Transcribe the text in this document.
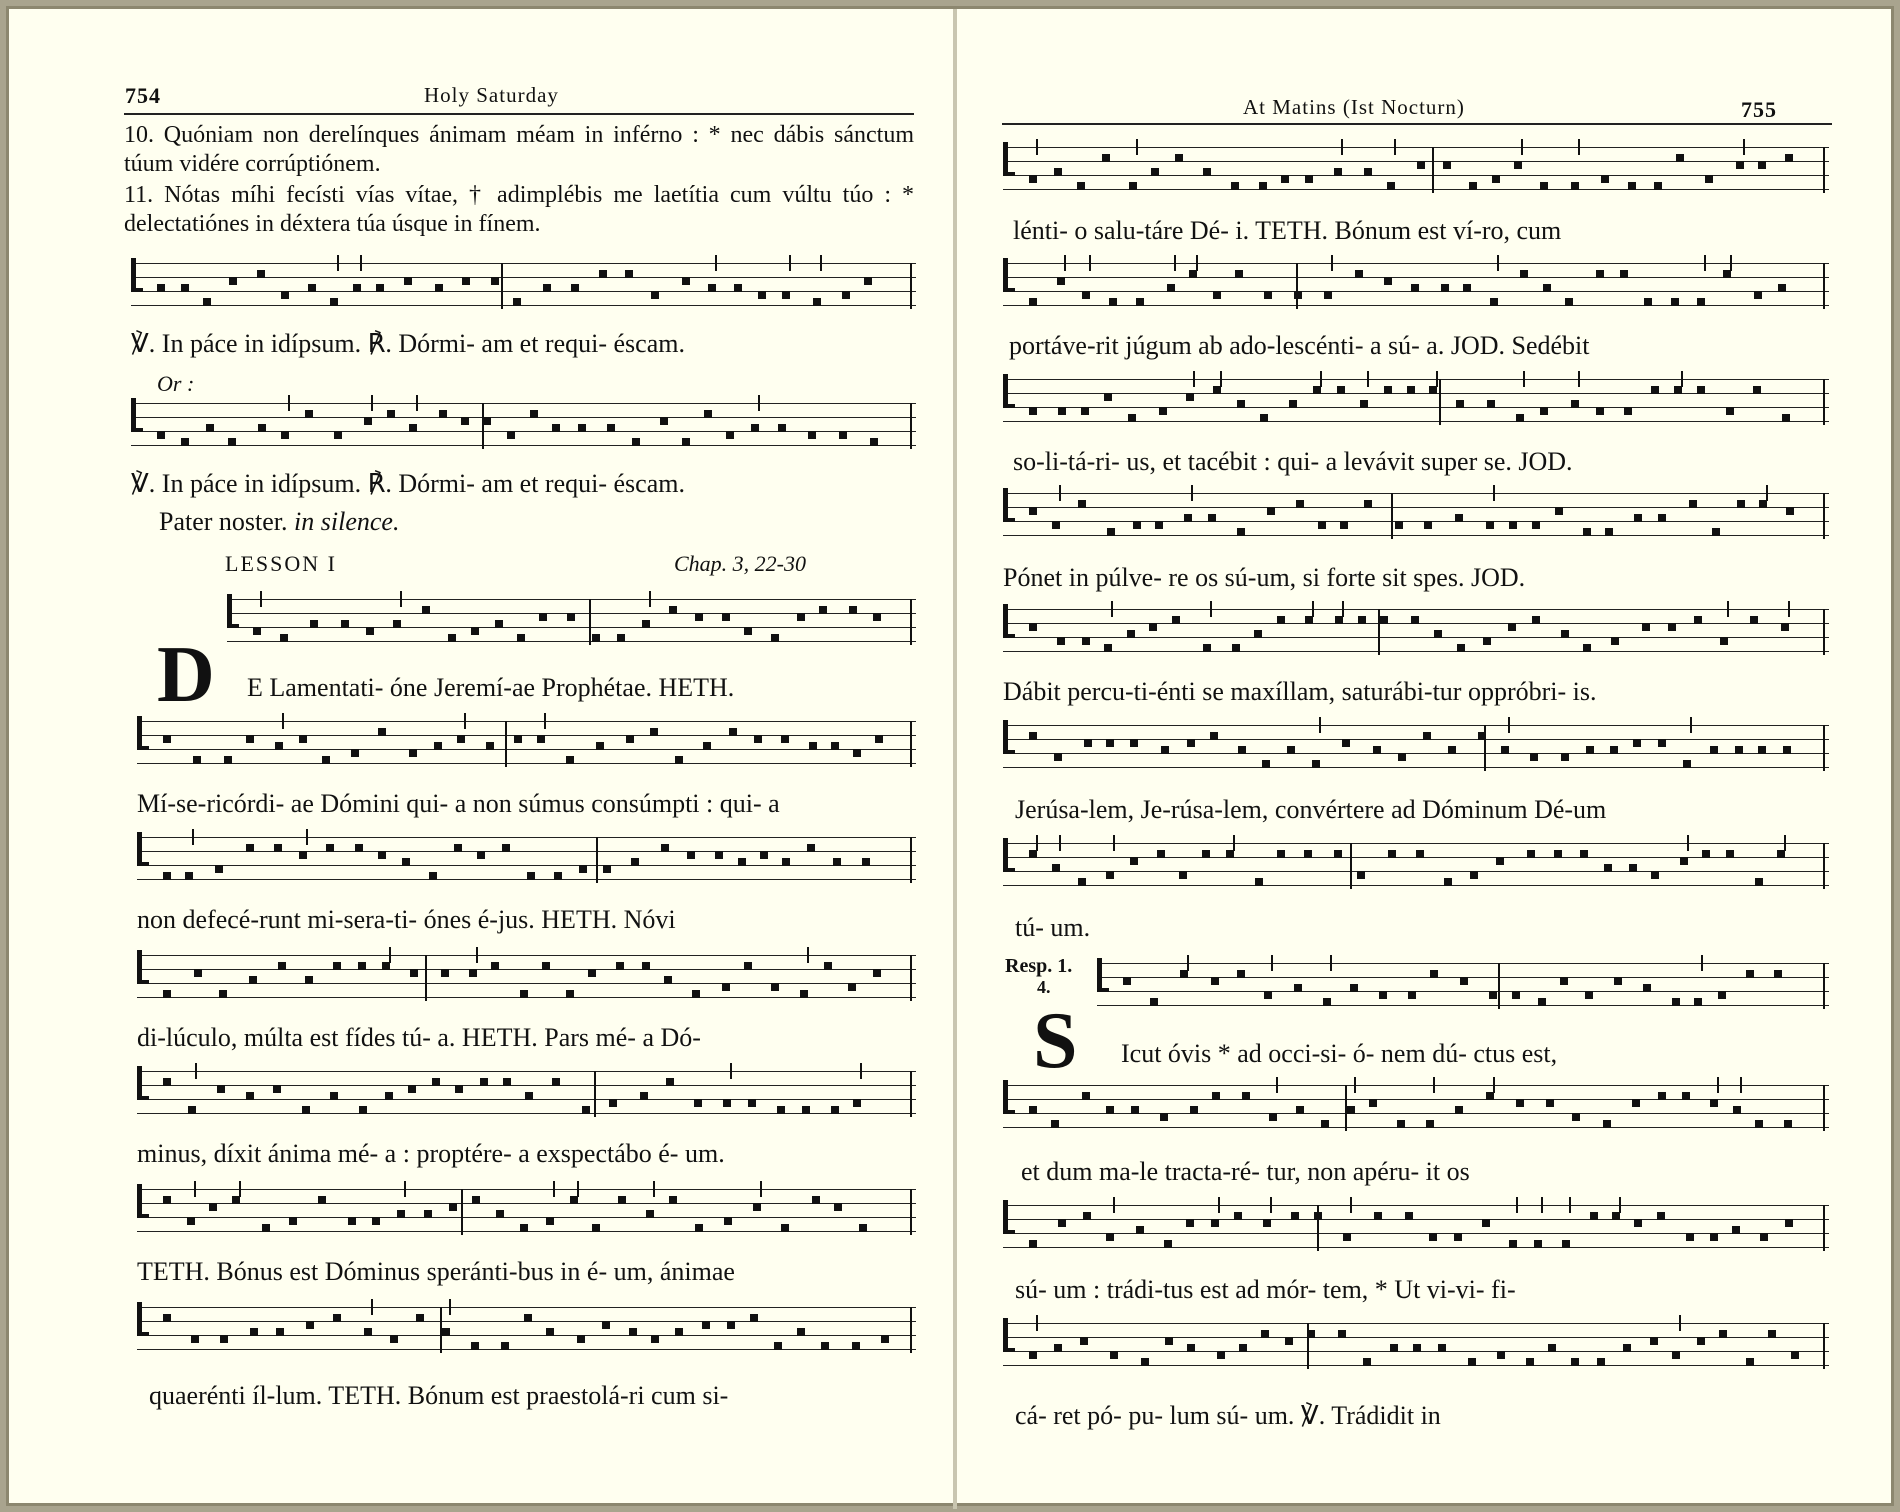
754	Holy Saturday
10. Quóniam non derelínques ánimam méam in inférno : * nec dábis sánctum túum vidére corrúptiónem.
11. Nótas míhi fecísti vías vítae, † adimplébis me laetítia cum vúltu túo : * delectatiónes in déxtera túa úsque in fínem.
℣. In páce in idípsum. ℟. Dórmi- am et requi- éscam.
Or :
℣. In páce in idípsum. ℟. Dórmi- am et requi- éscam.
Pater noster. in silence.
LESSON I	Chap. 3, 22-30
D E Lamentati- óne Jeremí-ae Prophétae. HETH.
Mí-se-ricórdi- ae Dómini qui- a non súmus consúmpti : qui- a
non defecé-runt mi-sera-ti- ónes é-jus. HETH. Nóvi
di-lúculo, múlta est fídes tú- a. HETH. Pars mé- a Dó-
minus, díxit ánima mé- a : proptére- a exspectábo é- um.
TETH. Bónus est Dóminus speránti-bus in é- um, ánimae
quaerénti íl-lum. TETH. Bónum est praestolá-ri cum si-
At Matins (Ist Nocturn)	755
lénti- o salu-táre Dé- i. TETH. Bónum est ví-ro, cum
portáve-rit júgum ab ado-lescénti- a sú- a. JOD. Sedébit
so-li-tá-ri- us, et tacébit : qui- a levávit super se. JOD.
Pónet in púlve- re os sú-um, si forte sit spes. JOD.
Dábit percu-ti-énti se maxíllam, saturábi-tur oppróbri- is.
Jerúsa-lem, Je-rúsa-lem, convértere ad Dóminum Dé-um
tú- um.
Resp. 1.
4.
S Icut óvis * ad occi-si- ó- nem dú- ctus est,
et dum ma-le tracta-ré- tur, non apéru- it os
sú- um : trádi-tus est ad mór- tem, * Ut vi-vi- fi-
cá- ret pó- pu- lum sú- um. ℣. Trádidit in
